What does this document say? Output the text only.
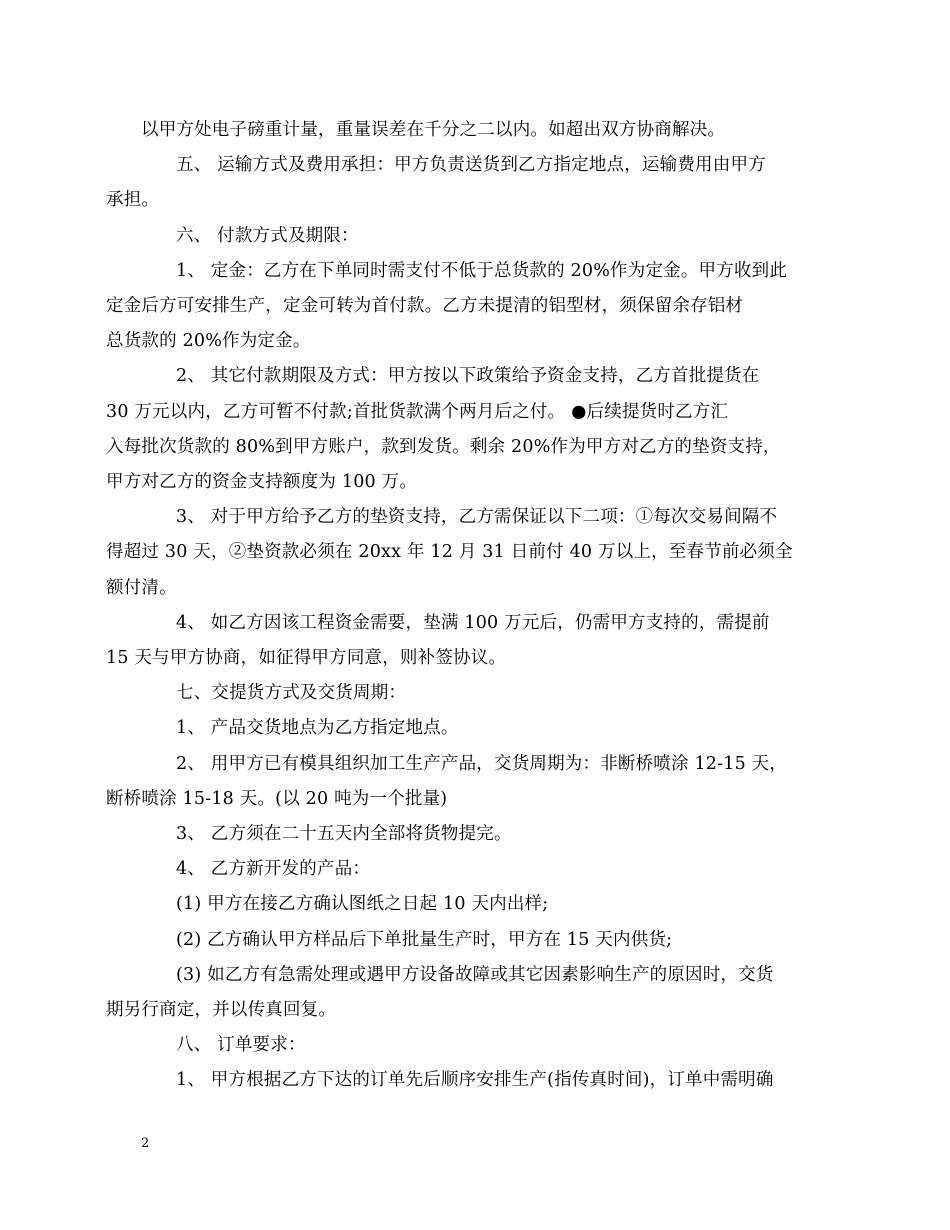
以甲方处电子磅重计量，重量误差在千分之二以内。如超出双方协商解决。

五、 运输方式及费用承担：甲方负责送货到乙方指定地点，运输费用由甲方
承担。

六、 付款方式及期限：

1、 定金：乙方在下单同时需支付不低于总货款的 20%作为定金。甲方收到此
定金后方可安排生产，定金可转为首付款。乙方未提清的铝型材，须保留余存铝材
总货款的 20%作为定金。

2、 其它付款期限及方式：甲方按以下政策给予资金支持，乙方首批提货在
30 万元以内，乙方可暂不付款;首批货款满个两月后之付。 ●后续提货时乙方汇
入每批次货款的 80%到甲方账户，款到发货。剩余 20%作为甲方对乙方的垫资支持，
甲方对乙方的资金支持额度为 100 万。

3、 对于甲方给予乙方的垫资支持，乙方需保证以下二项：①每次交易间隔不
得超过 30 天，②垫资款必须在 20xx 年 12 月 31 日前付 40 万以上，至春节前必须全
额付清。

4、 如乙方因该工程资金需要，垫满 100 万元后，仍需甲方支持的，需提前
15 天与甲方协商，如征得甲方同意，则补签协议。

七、交提货方式及交货周期：

1、 产品交货地点为乙方指定地点。

2、 用甲方已有模具组织加工生产产品，交货周期为：非断桥喷涂 12-15 天，
断桥喷涂 15-18 天。(以 20 吨为一个批量)

3、 乙方须在二十五天内全部将货物提完。

4、 乙方新开发的产品：

(1) 甲方在接乙方确认图纸之日起 10 天内出样;

(2) 乙方确认甲方样品后下单批量生产时，甲方在 15 天内供货;

(3) 如乙方有急需处理或遇甲方设备故障或其它因素影响生产的原因时，交货
期另行商定，并以传真回复。

八、 订单要求：

1、 甲方根据乙方下达的订单先后顺序安排生产(指传真时间)，订单中需明确

2
